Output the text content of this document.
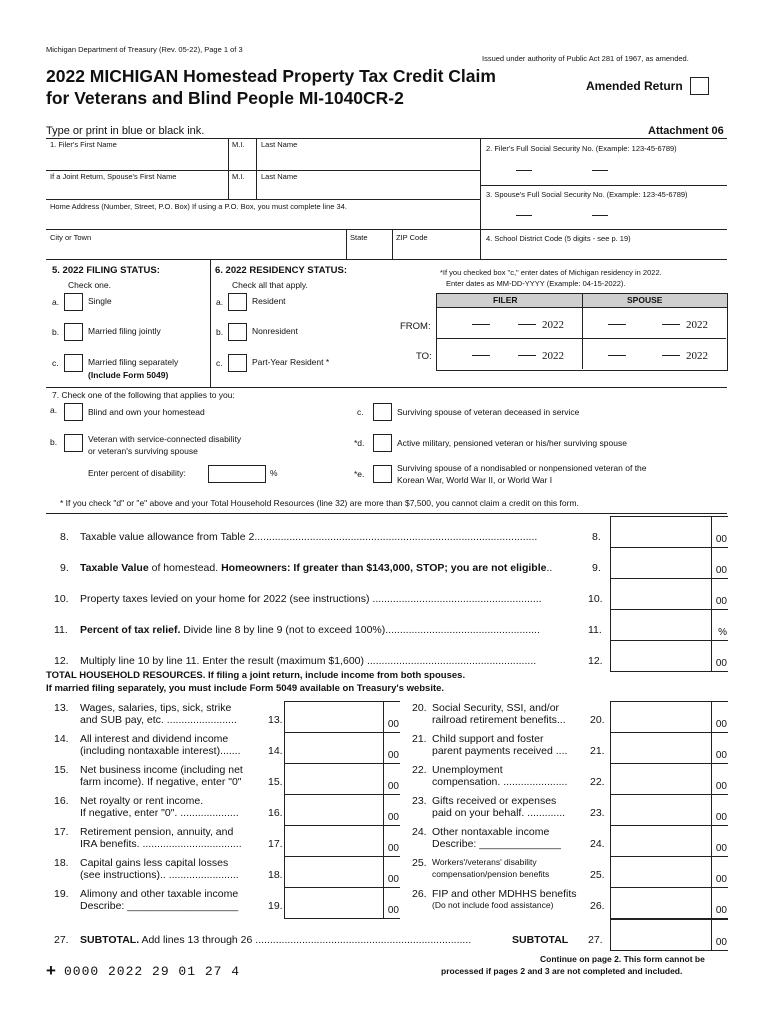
Michigan Department of Treasury (Rev. 05-22), Page 1 of 3
Issued under authority of Public Act 281 of 1967, as amended.
2022 MICHIGAN Homestead Property Tax Credit Claim
for Veterans and Blind People MI-1040CR-2
Amended Return
Type or print in blue or black ink.	Attachment 06
1. Filer's First Name	M.I. Last Name	2. Filer's Full Social Security No. (Example: 123-45-6789)
If a Joint Return, Spouse's First Name	M.I. Last Name
3. Spouse's Full Social Security No. (Example: 123-45-6789)
Home Address (Number, Street, P.O. Box) If using a P.O. Box, you must complete line 34.
City or Town	State	ZIP Code	4. School District Code (5 digits - see p. 19)
5. 2022 FILING STATUS:
Check one.
a.	Single
b.	Married filing jointly
c.	Married filing separately
(Include Form 5049)
6. 2022 RESIDENCY STATUS:
Check all that apply.
a.	Resident
b.	Nonresident
c.	Part-Year Resident *
*If you checked box "c," enter dates of Michigan residency in 2022.
Enter dates as MM-DD-YYYY (Example: 04-15-2022).
FILER	SPOUSE
FROM:	2022	2022
TO:	2022	2022
7. Check one of the following that applies to you:
a.	Blind and own your homestead
b.	Veteran with service-connected disability
or veteran's surviving spouse
Enter percent of disability:	%
c.	Surviving spouse of veteran deceased in service
*d.	Active military, pensioned veteran or his/her surviving spouse
*e.
Surviving spouse of a nondisabled or nonpensioned veteran of the
Korean War, World War II, or World War I
* If you check "d" or "e" above and your Total Household Resources (line 32) are more than $7,500, you cannot claim a credit on this form.
8. Taxable value allowance from Table 2.................................................................................................	8.	00
9. Taxable Value of homestead. Homeowners: If greater than $143,000, STOP; you are not eligible..	9.	00
10. Property taxes levied on your home for 2022 (see instructions) ..........................................................	10.	00
11. Percent of tax relief. Divide line 8 by line 9 (not to exceed 100%).....................................................	11.	%
12. Multiply line 10 by line 11. Enter the result (maximum $1,600) ..........................................................	12.	00
TOTAL HOUSEHOLD RESOURCES. If filing a joint return, include income from both spouses.
If married filing separately, you must include Form 5049 available on Treasury's website.
13. Wages, salaries, tips, sick, strike
and SUB pay, etc. ........................	13.	00
14. All interest and dividend income
(including nontaxable interest).......	14.	00
15. Net business income (including net
farm income). If negative, enter "0"	15.	00
16. Net royalty or rent income.
If negative, enter "0". ....................	16.	00
17. Retirement pension, annuity, and
IRA benefits. ..................................	17.	00
18. Capital gains less capital losses
(see instructions).. ........................	18.	00
19. Alimony and other taxable income
Describe: ___________________	19.	00
20. Social Security, SSI, and/or
railroad retirement benefits... 20.	00
21. Child support and foster
parent payments received .... 21.	00
22. Unemployment
compensation. ...................... 22.	00
23. Gifts received or expenses
paid on your behalf. ............. 23.	00
24. Other nontaxable income
Describe: ______________	24.	00
25. Workers'/veterans' disability
compensation/pension benefits	25.	00
26. FIP and other MDHHS benefits
(Do not include food assistance)	26.	00
27. SUBTOTAL. Add lines 13 through 26 ..........................................................................	SUBTOTAL 27.	00
+ 0000 2022 29 01 27 4
Continue on page 2. This form cannot be
processed if pages 2 and 3 are not completed and included.
